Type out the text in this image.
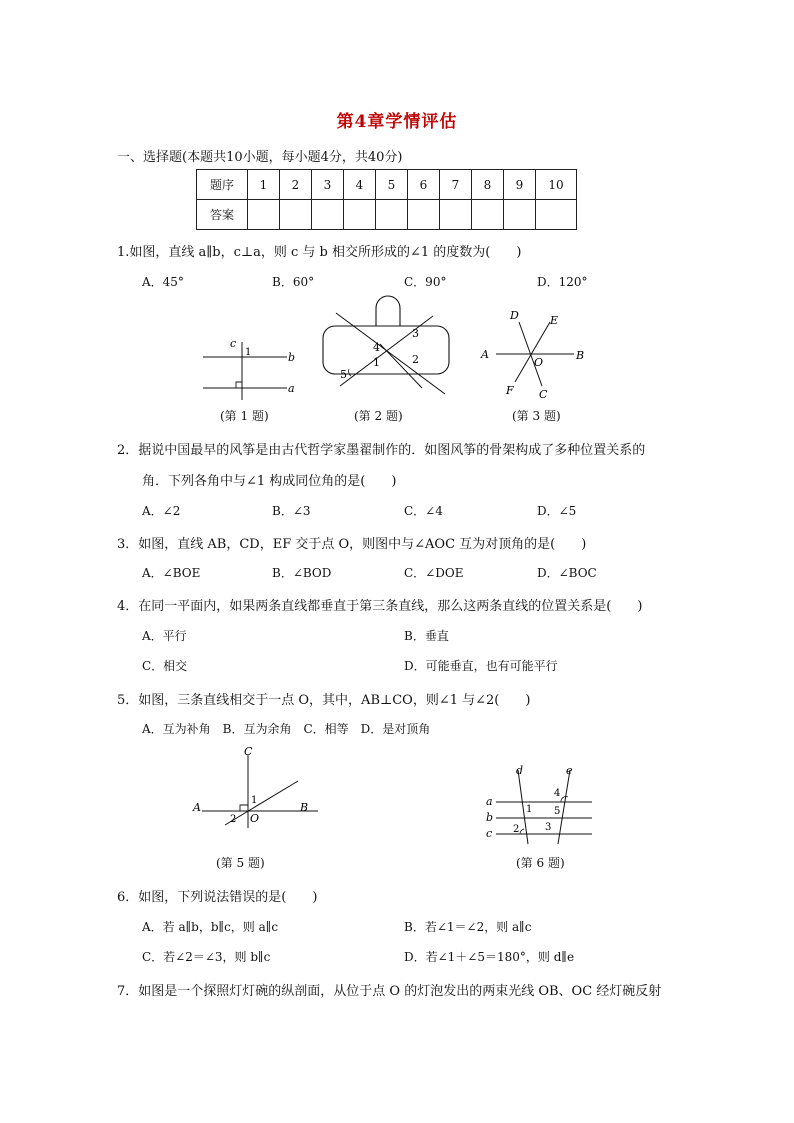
第4章学情评估
一、选择题(本题共10小题，每小题4分，共40分)
题序	1	2	3	4	5	6	7	8	9	10
答案										
1.如图，直线 a∥b，c⊥a，则 c 与 b 相交所形成的∠1 的度数为(　　)
A．45°	B．60°	C．90°	D．120°
c
1	b
a
(第 1 题)
3
4
2
1
5
(第 2 题)
D	E
A	B
O
F C
(第 3 题)
2．据说中国最早的风筝是由古代哲学家墨翟制作的．如图风筝的骨架构成了多种位置关系的
角．下列各角中与∠1 构成同位角的是(　　)
A．∠2	B．∠3	C．∠4	D．∠5
3．如图，直线 AB，CD，EF 交于点 O，则图中与∠AOC 互为对顶角的是(　　)
A．∠BOE	B．∠BOD	C．∠DOE	D．∠BOC
4．在同一平面内，如果两条直线都垂直于第三条直线，那么这两条直线的位置关系是(　　)
A．平行	B．垂直
C．相交	D．可能垂直，也有可能平行
5．如图，三条直线相交于一点 O，其中，AB⊥CO，则∠1 与∠2(　　)
A．互为补角　B．互为余角　C．相等　D．是对顶角
C
A	B
1
2 O
(第 5 题)
d	e
a
b
c
4
1 5
2	3
(第 6 题)
6．如图，下列说法错误的是(　　)
A．若 a∥b，b∥c，则 a∥c	B．若∠1＝∠2，则 a∥c
C．若∠2＝∠3，则 b∥c	D．若∠1＋∠5＝180°，则 d∥e
7．如图是一个探照灯灯碗的纵剖面，从位于点 O 的灯泡发出的两束光线 OB、OC 经灯碗反射
